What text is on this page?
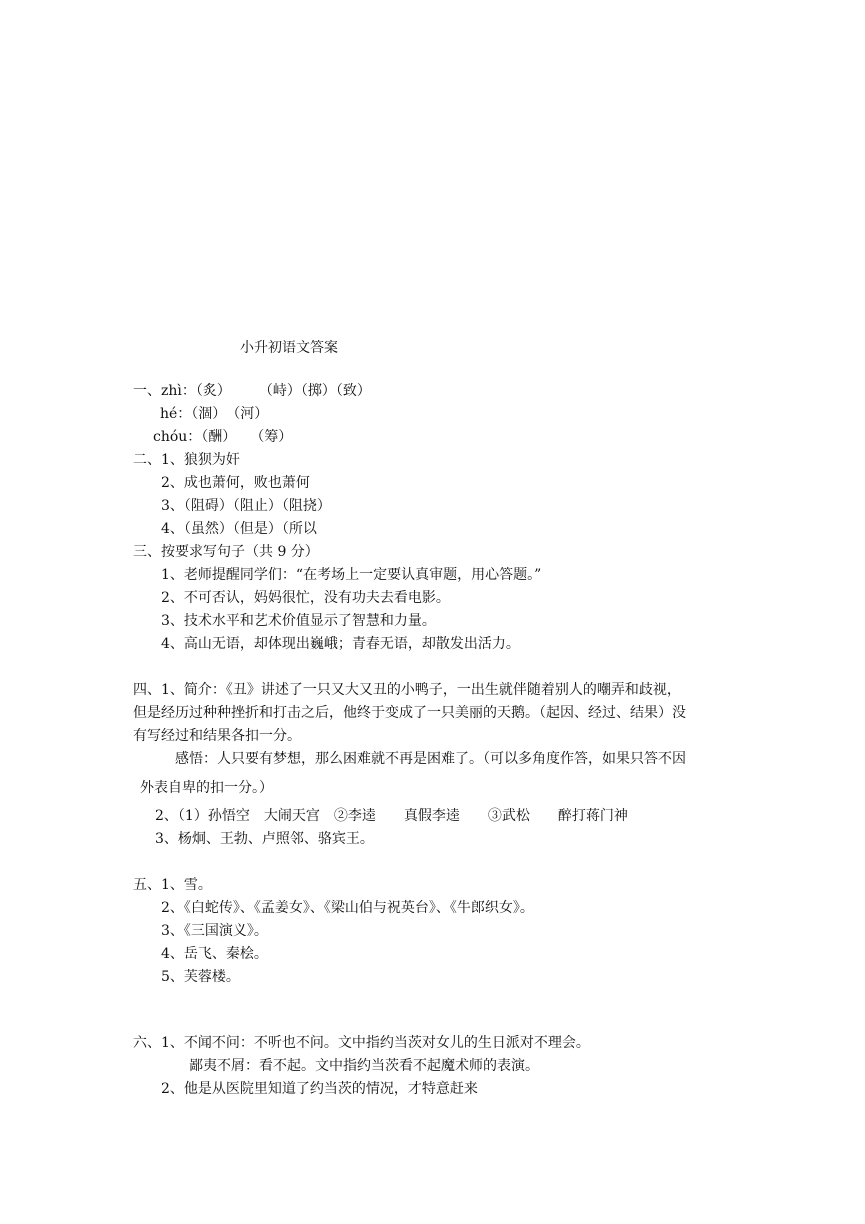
小升初语文答案
一、zhì：（炙）　　　（峙）（掷）（致）
hé：（涸）　（河）
chóu：（酬）　　（筹）
二、1、狼狈为奸
2、成也萧何，败也萧何
3、（阻碍）（阻止）（阻挠）
4、（虽然）（但是）（所以
三、按要求写句子（共 9 分）
1、老师提醒同学们：“在考场上一定要认真审题，用心答题。”
2、不可否认，妈妈很忙，没有功夫去看电影。
3、技术水平和艺术价值显示了智慧和力量。
4、高山无语，却体现出巍峨；青春无语，却散发出活力。
四、1、简介：《丑》讲述了一只又大又丑的小鸭子，一出生就伴随着别人的嘲弄和歧视，
但是经历过种种挫折和打击之后，他终于变成了一只美丽的天鹅。（起因、经过、结果）没
有写经过和结果各扣一分。
感悟：人只要有梦想，那么困难就不再是困难了。（可以多角度作答，如果只答不因
外表自卑的扣一分。）
2、（1）孙悟空　大闹天宫　②李逵　　真假李逵　　③武松　　醉打蒋门神
3、杨炯、王勃、卢照邻、骆宾王。
五、1、雪。
2、《白蛇传》、《孟姜女》、《梁山伯与祝英台》、《牛郎织女》。
3、《三国演义》。
4、岳飞、秦桧。
5、芙蓉楼。
六、1、不闻不问：不听也不问。文中指约当茨对女儿的生日派对不理会。
鄙夷不屑：看不起。文中指约当茨看不起魔术师的表演。
2、他是从医院里知道了约当茨的情况，才特意赶来
